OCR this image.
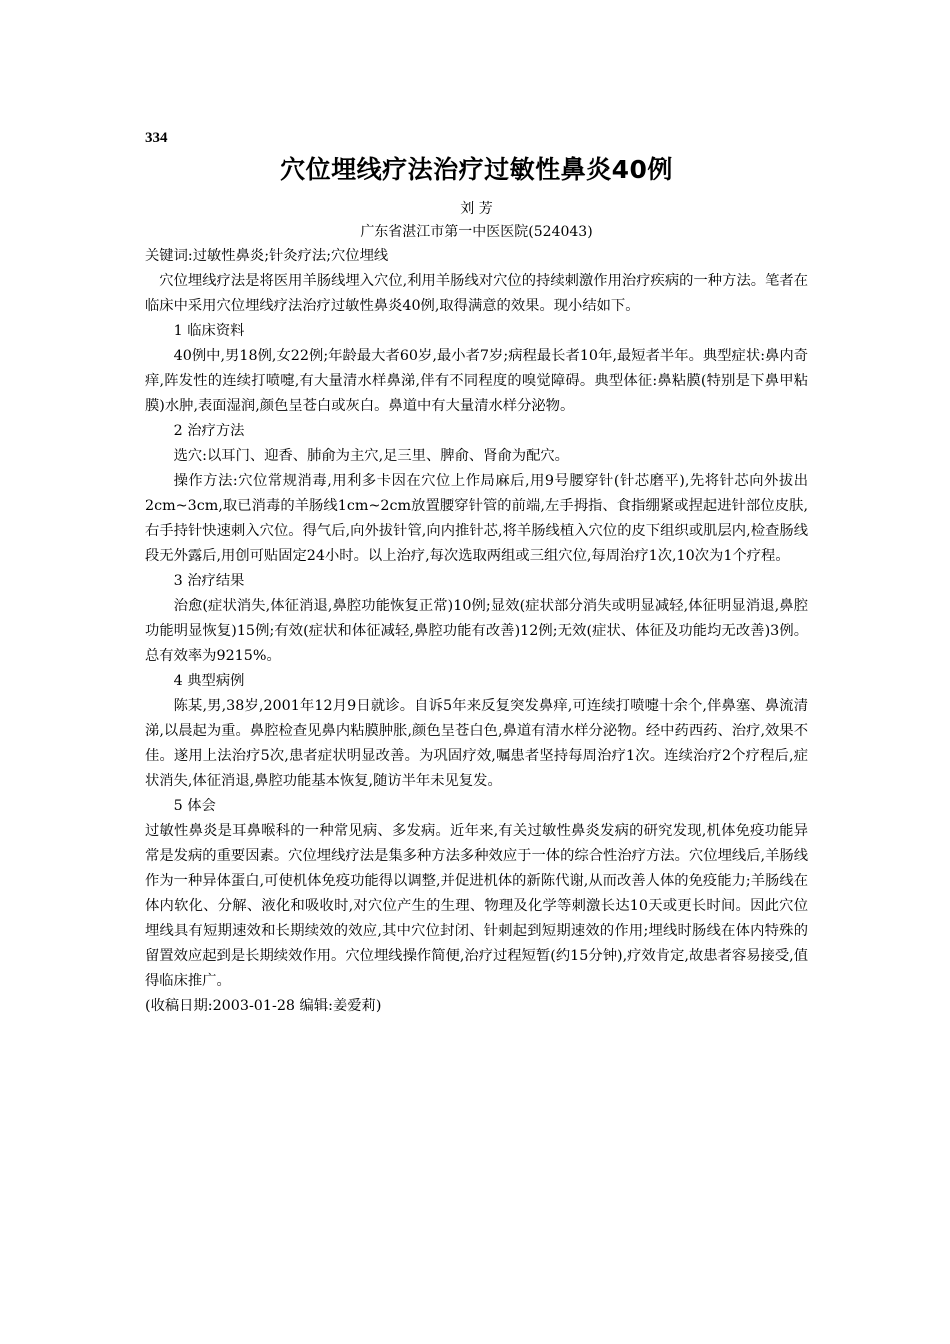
334

穴位埋线疗法治疗过敏性鼻炎40例

刘 芳

广东省湛江市第一中医医院(524043)

关键词:过敏性鼻炎;针灸疗法;穴位埋线

穴位埋线疗法是将医用羊肠线埋入穴位,利用羊肠线对穴位的持续刺激作用治疗疾病的一种方法。笔者在临床中采用穴位埋线疗法治疗过敏性鼻炎40例,取得满意的效果。现小结如下。

1 临床资料

40例中,男18例,女22例;年龄最大者60岁,最小者7岁;病程最长者10年,最短者半年。典型症状:鼻内奇痒,阵发性的连续打喷嚏,有大量清水样鼻涕,伴有不同程度的嗅觉障碍。典型体征:鼻粘膜(特别是下鼻甲粘膜)水肿,表面湿润,颜色呈苍白或灰白。鼻道中有大量清水样分泌物。

2 治疗方法

选穴:以耳门、迎香、肺俞为主穴,足三里、脾俞、肾俞为配穴。

操作方法:穴位常规消毒,用利多卡因在穴位上作局麻后,用9号腰穿针(针芯磨平),先将针芯向外拔出2cm~3cm,取已消毒的羊肠线1cm~2cm放置腰穿针管的前端,左手拇指、食指绷紧或捏起进针部位皮肤,右手持针快速刺入穴位。得气后,向外拔针管,向内推针芯,将羊肠线植入穴位的皮下组织或肌层内,检查肠线段无外露后,用创可贴固定24小时。以上治疗,每次选取两组或三组穴位,每周治疗1次,10次为1个疗程。

3 治疗结果

治愈(症状消失,体征消退,鼻腔功能恢复正常)10例;显效(症状部分消失或明显减轻,体征明显消退,鼻腔功能明显恢复)15例;有效(症状和体征减轻,鼻腔功能有改善)12例;无效(症状、体征及功能均无改善)3例。总有效率为9215%。

4 典型病例

陈某,男,38岁,2001年12月9日就诊。自诉5年来反复突发鼻痒,可连续打喷嚏十余个,伴鼻塞、鼻流清涕,以晨起为重。鼻腔检查见鼻内粘膜肿胀,颜色呈苍白色,鼻道有清水样分泌物。经中药西药、治疗,效果不佳。遂用上法治疗5次,患者症状明显改善。为巩固疗效,嘱患者坚持每周治疗1次。连续治疗2个疗程后,症状消失,体征消退,鼻腔功能基本恢复,随访半年未见复发。

5 体会

过敏性鼻炎是耳鼻喉科的一种常见病、多发病。近年来,有关过敏性鼻炎发病的研究发现,机体免疫功能异常是发病的重要因素。穴位埋线疗法是集多种方法多种效应于一体的综合性治疗方法。穴位埋线后,羊肠线作为一种异体蛋白,可使机体免疫功能得以调整,并促进机体的新陈代谢,从而改善人体的免疫能力;羊肠线在体内软化、分解、液化和吸收时,对穴位产生的生理、物理及化学等刺激长达10天或更长时间。因此穴位埋线具有短期速效和长期续效的效应,其中穴位封闭、针刺起到短期速效的作用;埋线时肠线在体内特殊的留置效应起到是长期续效作用。穴位埋线操作简便,治疗过程短暂(约15分钟),疗效肯定,故患者容易接受,值得临床推广。

(收稿日期:2003-01-28 编辑:姜爱莉)
